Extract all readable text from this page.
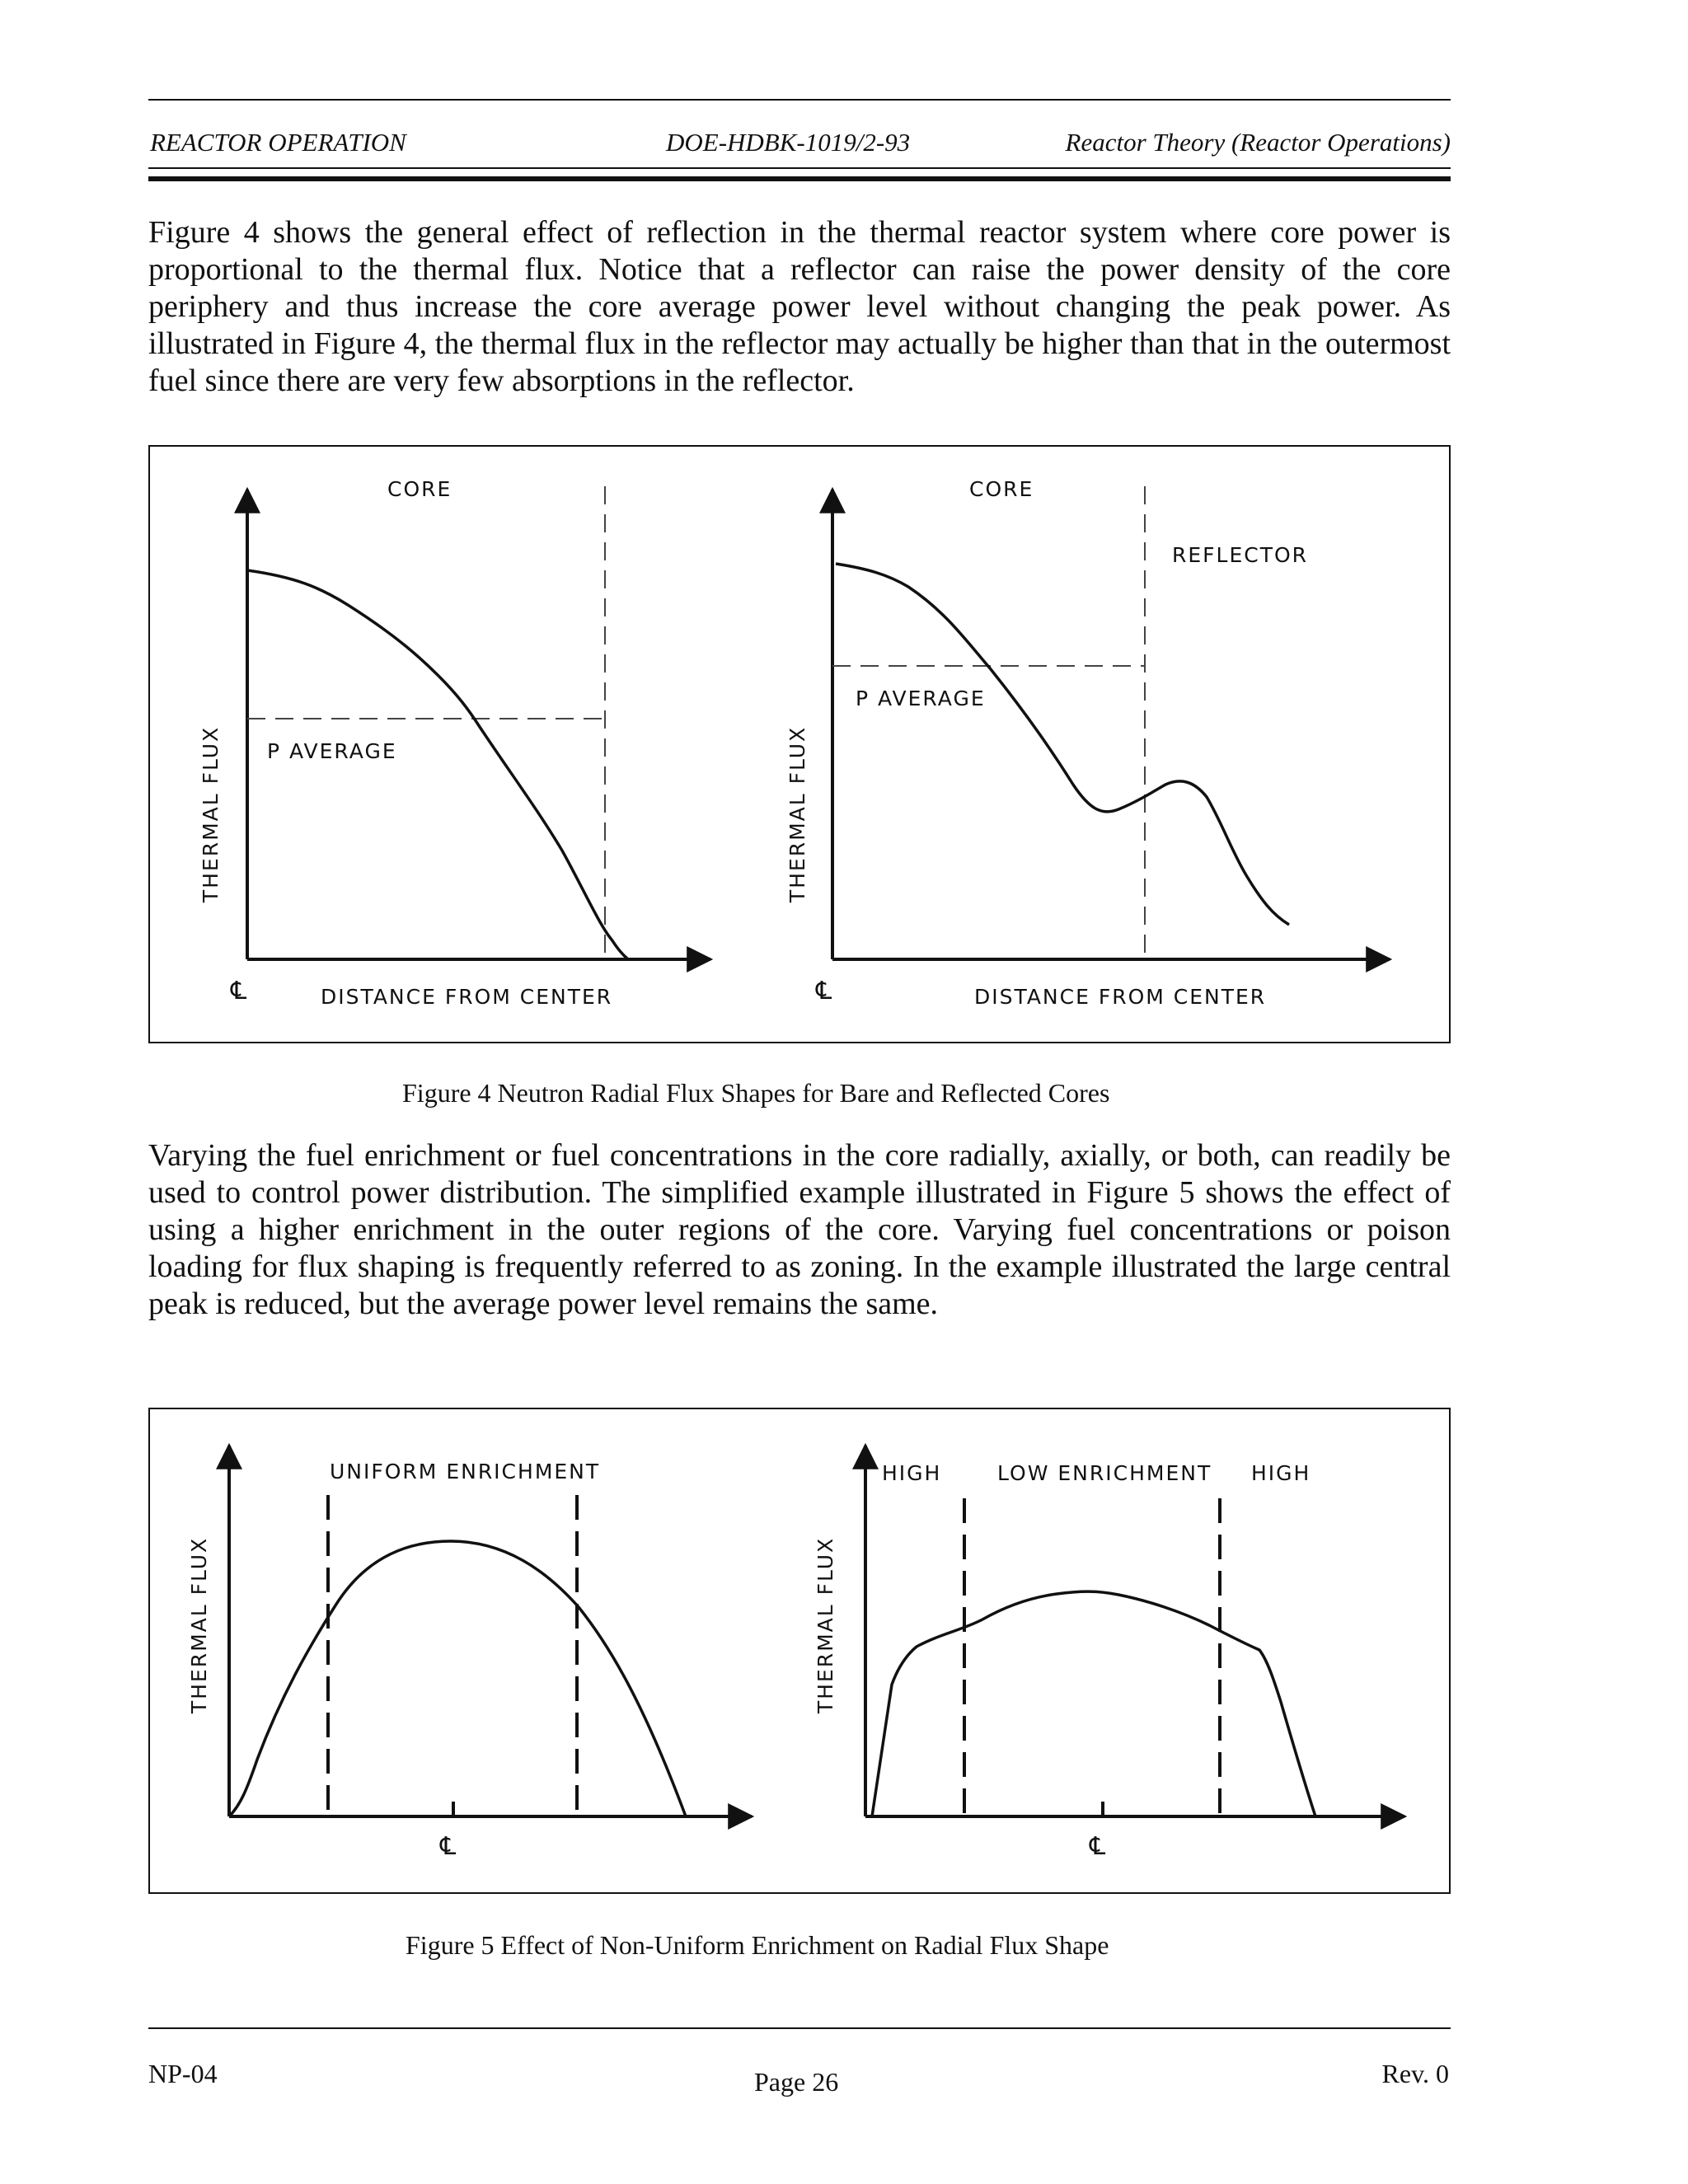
REACTOR OPERATION	DOE-HDBK-1019/2-93	Reactor Theory (Reactor Operations)
Figure 4 shows the general effect of reflection in the thermal reactor system where core power is proportional to the thermal flux. Notice that a reflector can raise the power density of the core periphery and thus increase the core average power level without changing the peak power. As illustrated in Figure 4, the thermal flux in the reflector may actually be higher than that in the outermost fuel since there are very few absorptions in the reflector.
CORE
P AVERAGE
THERMAL FLUX
DISTANCE FROM CENTER
℄
CORE
REFLECTOR
P AVERAGE
THERMAL FLUX
DISTANCE FROM CENTER
℄
Figure 4 Neutron Radial Flux Shapes for Bare and Reflected Cores
Varying the fuel enrichment or fuel concentrations in the core radially, axially, or both, can readily be used to control power distribution. The simplified example illustrated in Figure 5 shows the effect of using a higher enrichment in the outer regions of the core. Varying fuel concentrations or poison loading for flux shaping is frequently referred to as zoning. In the example illustrated the large central peak is reduced, but the average power level remains the same.
UNIFORM ENRICHMENT
THERMAL FLUX
℄
HIGH	LOW ENRICHMENT HIGH
THERMAL FLUX
℄
Figure 5 Effect of Non-Uniform Enrichment on Radial Flux Shape
NP-04	Page 26	Rev. 0
